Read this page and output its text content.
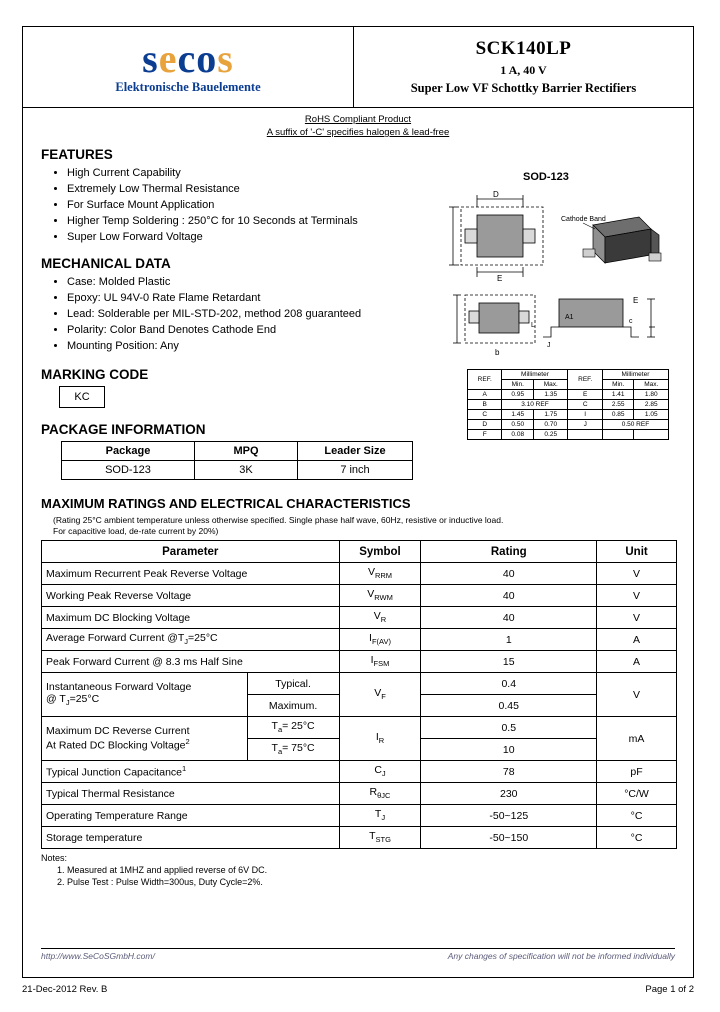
secos
Elektronische Bauelemente
SCK140LP
1 A, 40 V
Super Low VF Schottky Barrier Rectifiers
RoHS Compliant Product
A suffix of '-C' specifies halogen & lead-free
FEATURES
• High Current Capability
• Extremely Low Thermal Resistance
• For Surface Mount Application
• Higher Temp Soldering : 250°C for 10 Seconds at Terminals
• Super Low Forward Voltage
MECHANICAL DATA
• Case: Molded Plastic
• Epoxy: UL 94V-0 Rate Flame Retardant
• Lead: Solderable per MIL-STD-202, method 208 guaranteed
• Polarity: Color Band Denotes Cathode End
• Mounting Position: Any
MARKING CODE
KC
PACKAGE INFORMATION
Package	MPQ	Leader Size
SOD-123	3K	7 inch
MAXIMUM RATINGS AND ELECTRICAL CHARACTERISTICS
(Rating 25°C ambient temperature unless otherwise specified. Single phase half wave, 60Hz, resistive or inductive load.
For capacitive load, de-rate current by 20%)
Parameter		Symbol	Rating	Unit
Maximum Recurrent Peak Reverse Voltage		$V_{RRM}$	40	V
Working Peak Reverse Voltage		$V_{RWM}$	40	V
Maximum DC Blocking Voltage		$V_R$	40	V
Average Forward Current $@T_J=25^\circ C$		$I_{F(AV)}$	1	A
Peak Forward Current @ 8.3 ms Half Sine		$I_{FSM}$	15	A

Instantaneous Forward Voltage
@ $T_J=25^\circ C$	Typical.	$V_F$	0.4	V
	Maximum.		0.45	

Maximum DC Reverse Current
At Rated DC Blocking Voltage$^2$	$T_a= 25^\circ C$	$I_R$	0.5	mA
	$T_a= 75^\circ C$		10	
Typical Junction Capacitance$^1$		$C_J$	78	pF
Typical Thermal Resistance		$R_{\theta JC}$	230	°C/W
Operating Temperature Range		$T_J$	-50~125	°C
Storage temperature		$T_{STG}$	-50~150	°C
Notes:
1. Measured at 1MHZ and applied reverse of 6V DC.
2. Pulse Test : Pulse Width=300us, Duty Cycle=2%.
SOD-123
D
E
Cathode Band
b
E
c
A1
J
L
REF.	Millimeter		REF.	Millimeter	
	Min.	Max.		Min.	Max.
A	0.95	1.35	E	1.41	1.80
B	3.10 REF		C	2.55	2.85
C	1.45	1.75	I	0.85	1.05
D	0.50	0.70	J	0.50 REF	
F	0.08	0.25			
http://www.SeCoSGmbH.com/	Any changes of specification will not be informed individually
21-Dec-2012 Rev. B	Page 1 of 2
